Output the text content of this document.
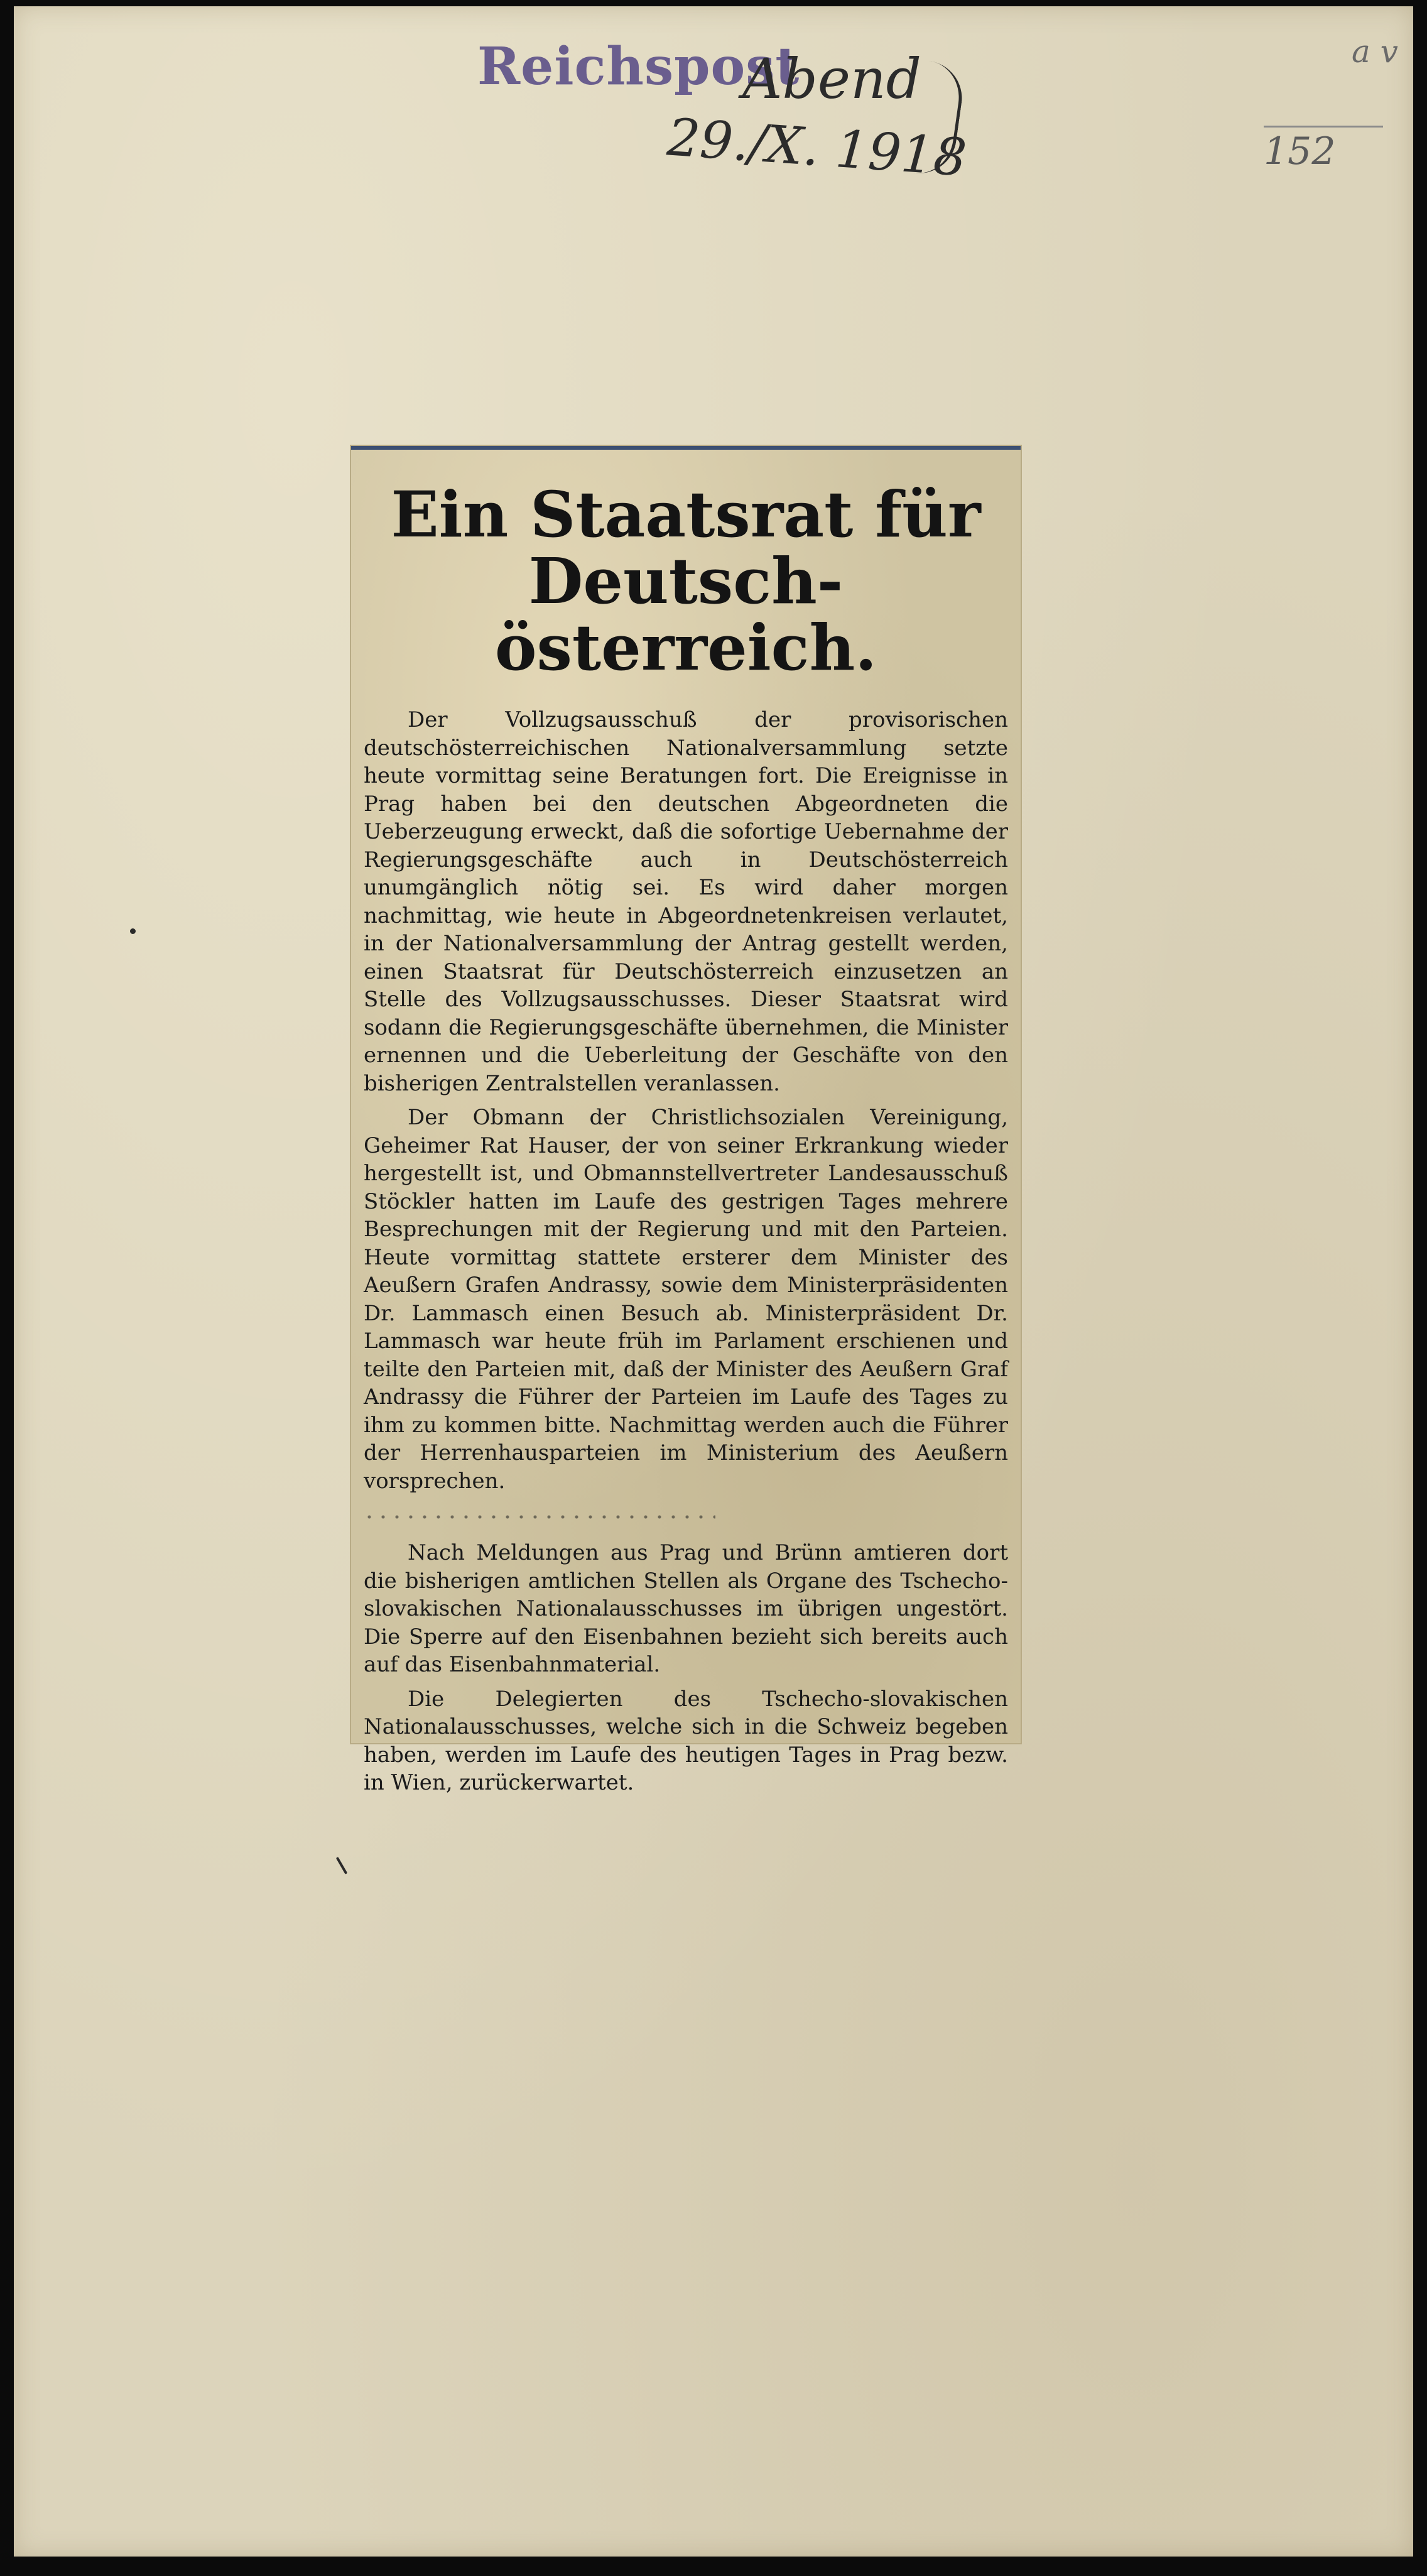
Reichspost
Abend
29./X. 1918
a v
152
Ein Staatsrat für Deutsch-österreich.

Der Vollzugsausschuß der provisorischen deutschösterreichischen Nationalversammlung setzte heute vormittag seine Beratungen fort. Die Ereignisse in Prag haben bei den deutschen Abgeordneten die Ueberzeugung erweckt, daß die sofortige Uebernahme der Regierungsgeschäfte auch in Deutschösterreich unumgänglich nötig sei. Es wird daher morgen nachmittag, wie heute in Abgeordnetenkreisen verlautet, in der Nationalversammlung der Antrag gestellt werden, einen Staatsrat für Deutschösterreich einzusetzen an Stelle des Vollzugsausschusses. Dieser Staatsrat wird sodann die Regierungsgeschäfte übernehmen, die Minister ernennen und die Ueberleitung der Geschäfte von den bisherigen Zentralstellen veranlassen.

Der Obmann der Christlichsozialen Vereinigung, Geheimer Rat Hauser, der von seiner Erkrankung wieder hergestellt ist, und Obmannstellvertreter Landesausschuß Stöckler hatten im Laufe des gestrigen Tages mehrere Besprechungen mit der Regierung und mit den Parteien. Heute vormittag stattete ersterer dem Minister des Aeußern Grafen Andrassy, sowie dem Ministerpräsidenten Dr. Lammasch einen Besuch ab. Ministerpräsident Dr. Lammasch war heute früh im Parlament erschienen und teilte den Parteien mit, daß der Minister des Aeußern Graf Andrassy die Führer der Parteien im Laufe des Tages zu ihm zu kommen bitte. Nachmittag werden auch die Führer der Herrenhausparteien im Ministerium des Aeußern vorsprechen.

Nach Meldungen aus Prag und Brünn amtieren dort die bisherigen amtlichen Stellen als Organe des Tschecho-slovakischen Nationalausschusses im übrigen ungestört. Die Sperre auf den Eisenbahnen bezieht sich bereits auch auf das Eisenbahnmaterial.

Die Delegierten des Tschecho-slovakischen Nationalausschusses, welche sich in die Schweiz begeben haben, werden im Laufe des heutigen Tages in Prag bezw. in Wien, zurückerwartet.
